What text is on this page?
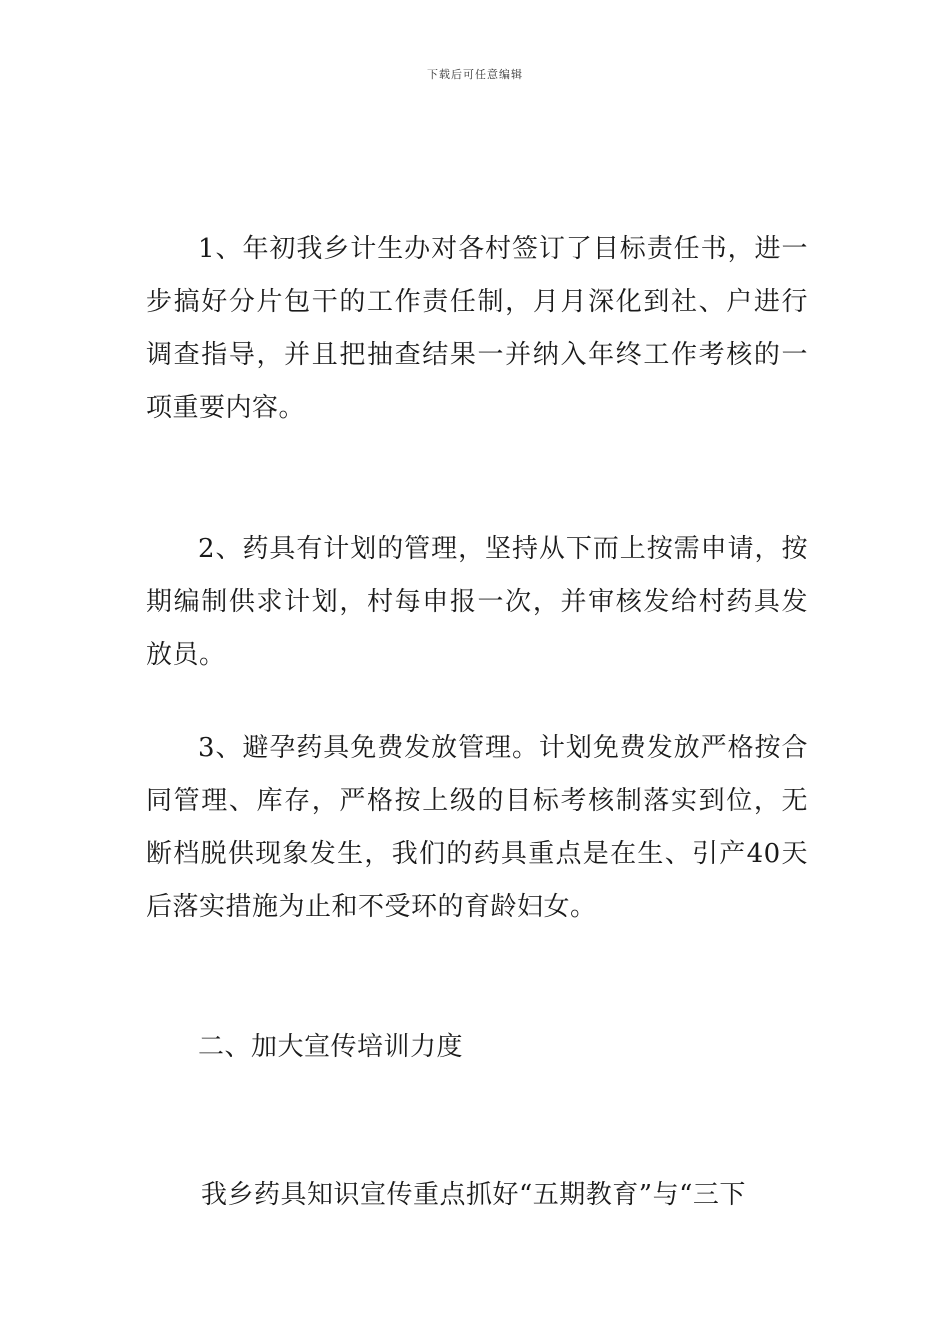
下载后可任意编辑

1、年初我乡计生办对各村签订了目标责任书，进一步搞好分片包干的工作责任制，月月深化到社、户进行调查指导，并且把抽查结果一并纳入年终工作考核的一项重要内容。

2、药具有计划的管理，坚持从下而上按需申请，按期编制供求计划，村每申报一次，并审核发给村药具发放员。

3、避孕药具免费发放管理。计划免费发放严格按合同管理、库存，严格按上级的目标考核制落实到位，无断档脱供现象发生，我们的药具重点是在生、引产40天后落实措施为止和不受环的育龄妇女。

二、加大宣传培训力度

我乡药具知识宣传重点抓好“五期教育”与“三下
